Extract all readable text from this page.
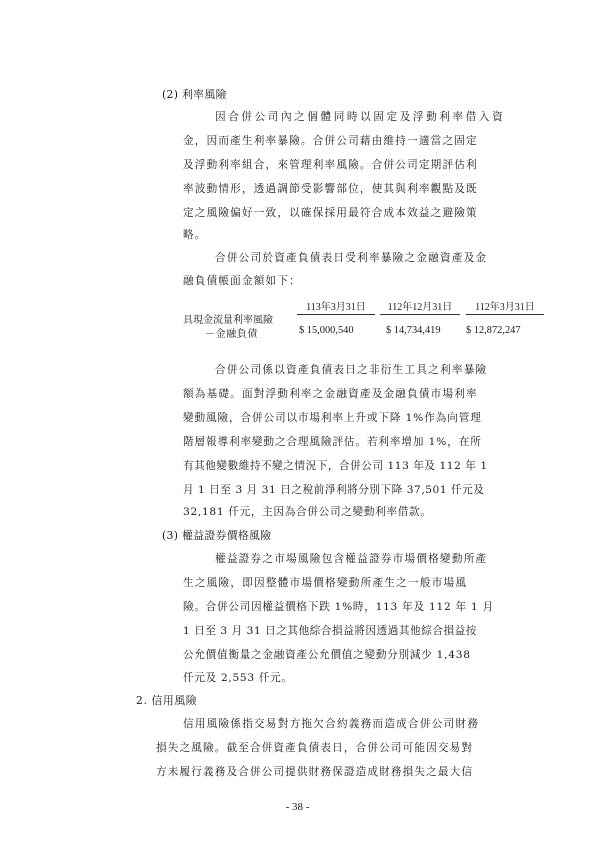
(2) 利率風險
因合併公司內之個體同時以固定及浮動利率借入資
金，因而產生利率暴險。合併公司藉由維持一適當之固定
及浮動利率組合，來管理利率風險。合併公司定期評估利
率波動情形，透過調節受影響部位，使其與利率觀點及既
定之風險偏好一致，以確保採用最符合成本效益之避險策
略。
合併公司於資產負債表日受利率暴險之金融資產及金
融負債帳面金額如下：
113年3月31日	112年12月31日	112年3月31日
具現金流量利率風險
－金融負債	$ 15,000,540	$ 14,734,419 $ 12,872,247
合併公司係以資產負債表日之非衍生工具之利率暴險
額為基礎。面對浮動利率之金融資產及金融負債市場利率
變動風險，合併公司以市場利率上升或下降 1%作為向管理
階層報導利率變動之合理風險評估。若利率增加 1%，在所
有其他變數維持不變之情況下，合併公司 113 年及 112 年 1
月 1 日至 3 月 31 日之稅前淨利將分別下降 37,501 仟元及
32,181 仟元，主因為合併公司之變動利率借款。
(3) 權益證券價格風險
權益證券之市場風險包含權益證券市場價格變動所產
生之風險，即因整體市場價格變動所產生之一般市場風
險。合併公司因權益價格下跌 1%時，113 年及 112 年 1 月
1 日至 3 月 31 日之其他綜合損益將因透過其他綜合損益按
公允價值衡量之金融資產公允價值之變動分別減少 1,438
仟元及 2,553 仟元。
2. 信用風險
信用風險係指交易對方拖欠合約義務而造成合併公司財務
損失之風險。截至合併資產負債表日，合併公司可能因交易對
方未履行義務及合併公司提供財務保證造成財務損失之最大信
- 38 -
